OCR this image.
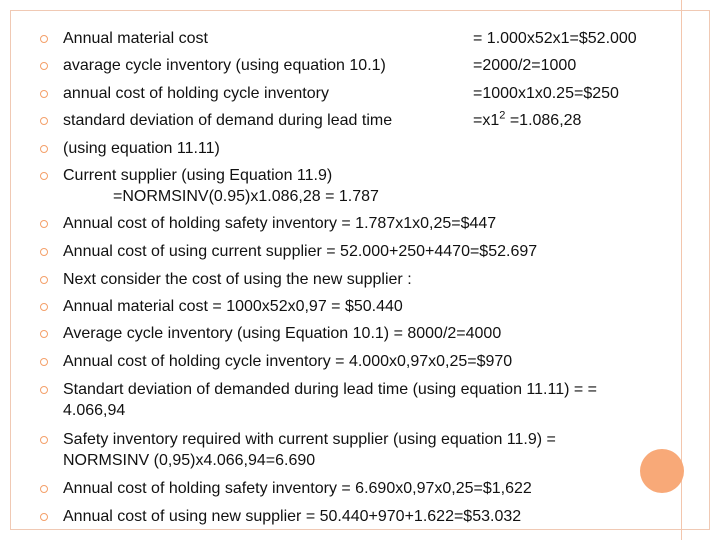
Annual material cost	= 1.000x52x1=$52.000
avarage cycle inventory (using equation 10.1)	=2000/2=1000
annual cost of holding cycle inventory	=1000x1x0.25=$250
standard deviation of demand during lead time	$=x1^2 =1.086,28$
(using equation 11.11)
Current supplier (using Equation 11.9)
=NORMSINV(0.95)x1.086,28 = 1.787
Annual cost of holding safety inventory = 1.787x1x0,25=$447
Annual cost of using current supplier = 52.000+250+4470=$52.697
Next consider the cost of using the new supplier :
Annual material cost = 1000x52x0,97 = $50.440
Average cycle inventory (using Equation 10.1) = 8000/2=4000
Annual cost of holding cycle inventory = 4.000x0,97x0,25=$970
Standart deviation of demanded during lead time (using equation 11.11) = =
4.066,94
Safety inventory required with current supplier (using equation 11.9) =
NORMSINV (0,95)x4.066,94=6.690
Annual cost of holding safety inventory = 6.690x0,97x0,25=$1,622
Annual cost of using new supplier = 50.440+970+1.622=$53.032
